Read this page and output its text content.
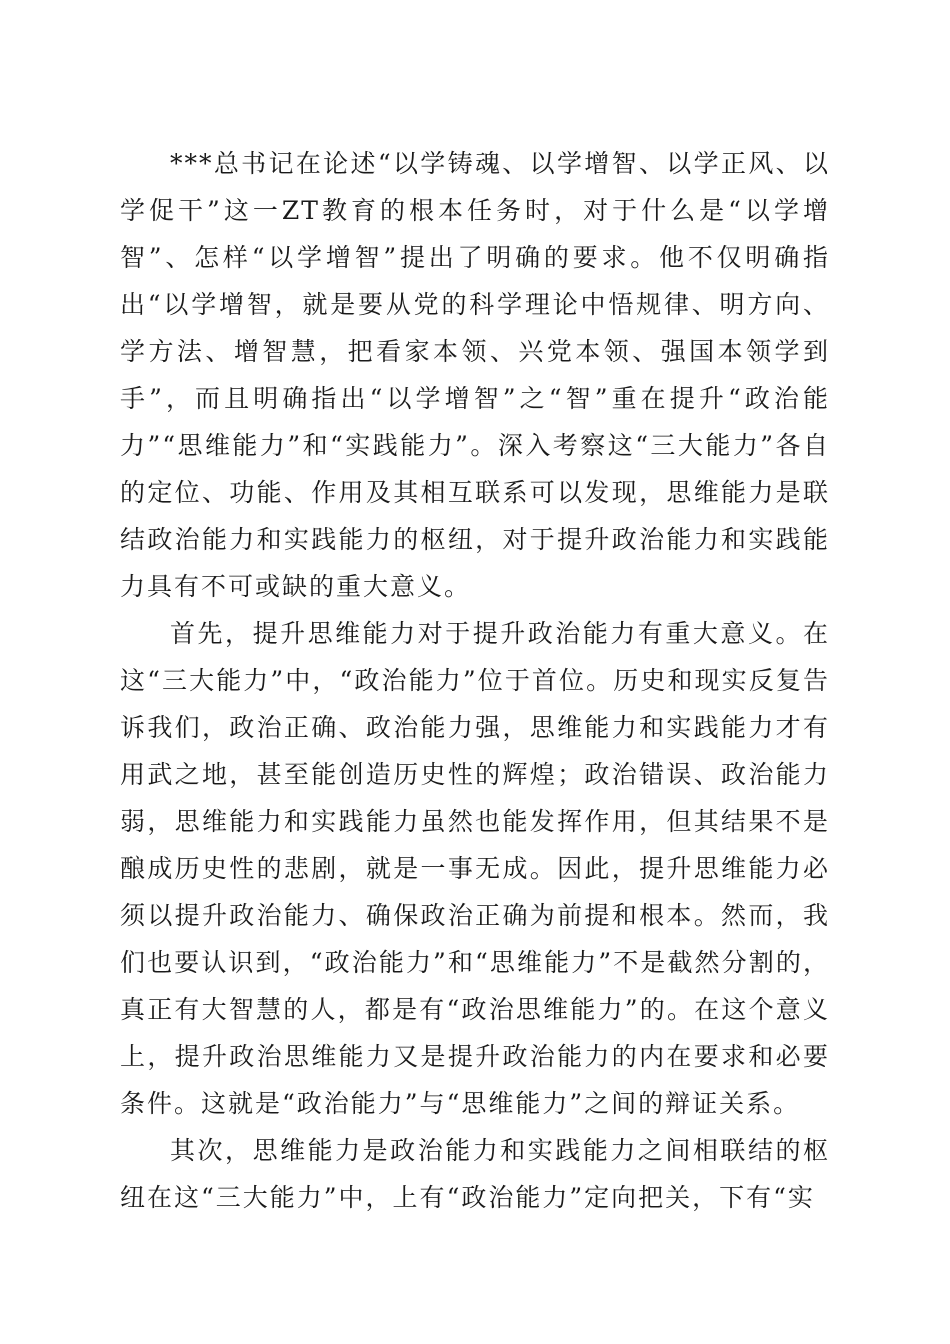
***总书记在论述“以学铸魂、以学增智、以学正风、以学促干”这一ZT教育的根本任务时，对于什么是“以学增智”、怎样“以学增智”提出了明确的要求。他不仅明确指出“以学增智，就是要从党的科学理论中悟规律、明方向、学方法、增智慧，把看家本领、兴党本领、强国本领学到手”，而且明确指出“以学增智”之“智”重在提升“政治能力”“思维能力”和“实践能力”。深入考察这“三大能力”各自的定位、功能、作用及其相互联系可以发现，思维能力是联结政治能力和实践能力的枢纽，对于提升政治能力和实践能力具有不可或缺的重大意义。

首先，提升思维能力对于提升政治能力有重大意义。在这“三大能力”中，“政治能力”位于首位。历史和现实反复告诉我们，政治正确、政治能力强，思维能力和实践能力才有用武之地，甚至能创造历史性的辉煌；政治错误、政治能力弱，思维能力和实践能力虽然也能发挥作用，但其结果不是酿成历史性的悲剧，就是一事无成。因此，提升思维能力必须以提升政治能力、确保政治正确为前提和根本。然而，我们也要认识到，“政治能力”和“思维能力”不是截然分割的，真正有大智慧的人，都是有“政治思维能力”的。在这个意义上，提升政治思维能力又是提升政治能力的内在要求和必要条件。这就是“政治能力”与“思维能力”之间的辩证关系。

其次，思维能力是政治能力和实践能力之间相联结的枢纽在这“三大能力”中，上有“政治能力”定向把关，下有“实
